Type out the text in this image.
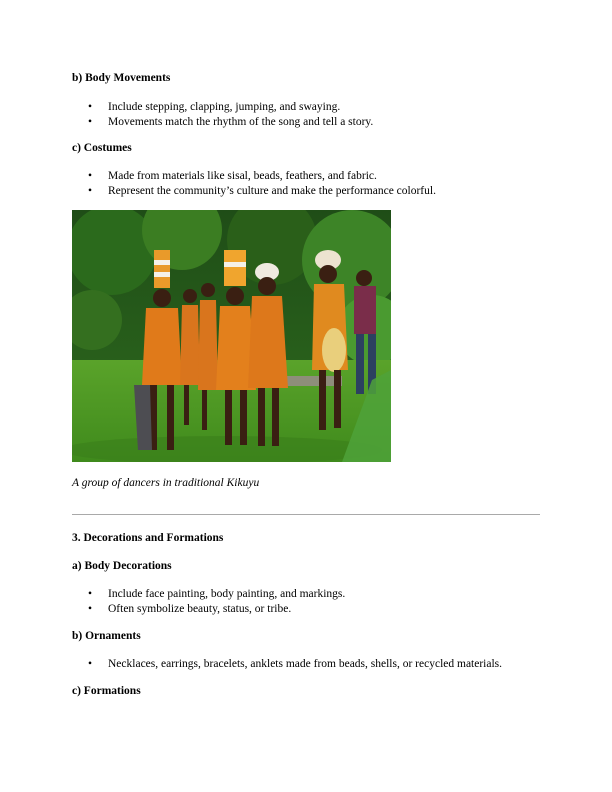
b) Body Movements

• Include stepping, clapping, jumping, and swaying.
• Movements match the rhythm of the song and tell a story.

c) Costumes

• Made from materials like sisal, beads, feathers, and fabric.
• Represent the community’s culture and make the performance colorful.

A group of dancers in traditional Kikuyu

3. Decorations and Formations

a) Body Decorations

• Include face painting, body painting, and markings.
• Often symbolize beauty, status, or tribe.

b) Ornaments

• Necklaces, earrings, bracelets, anklets made from beads, shells, or recycled materials.

c) Formations
